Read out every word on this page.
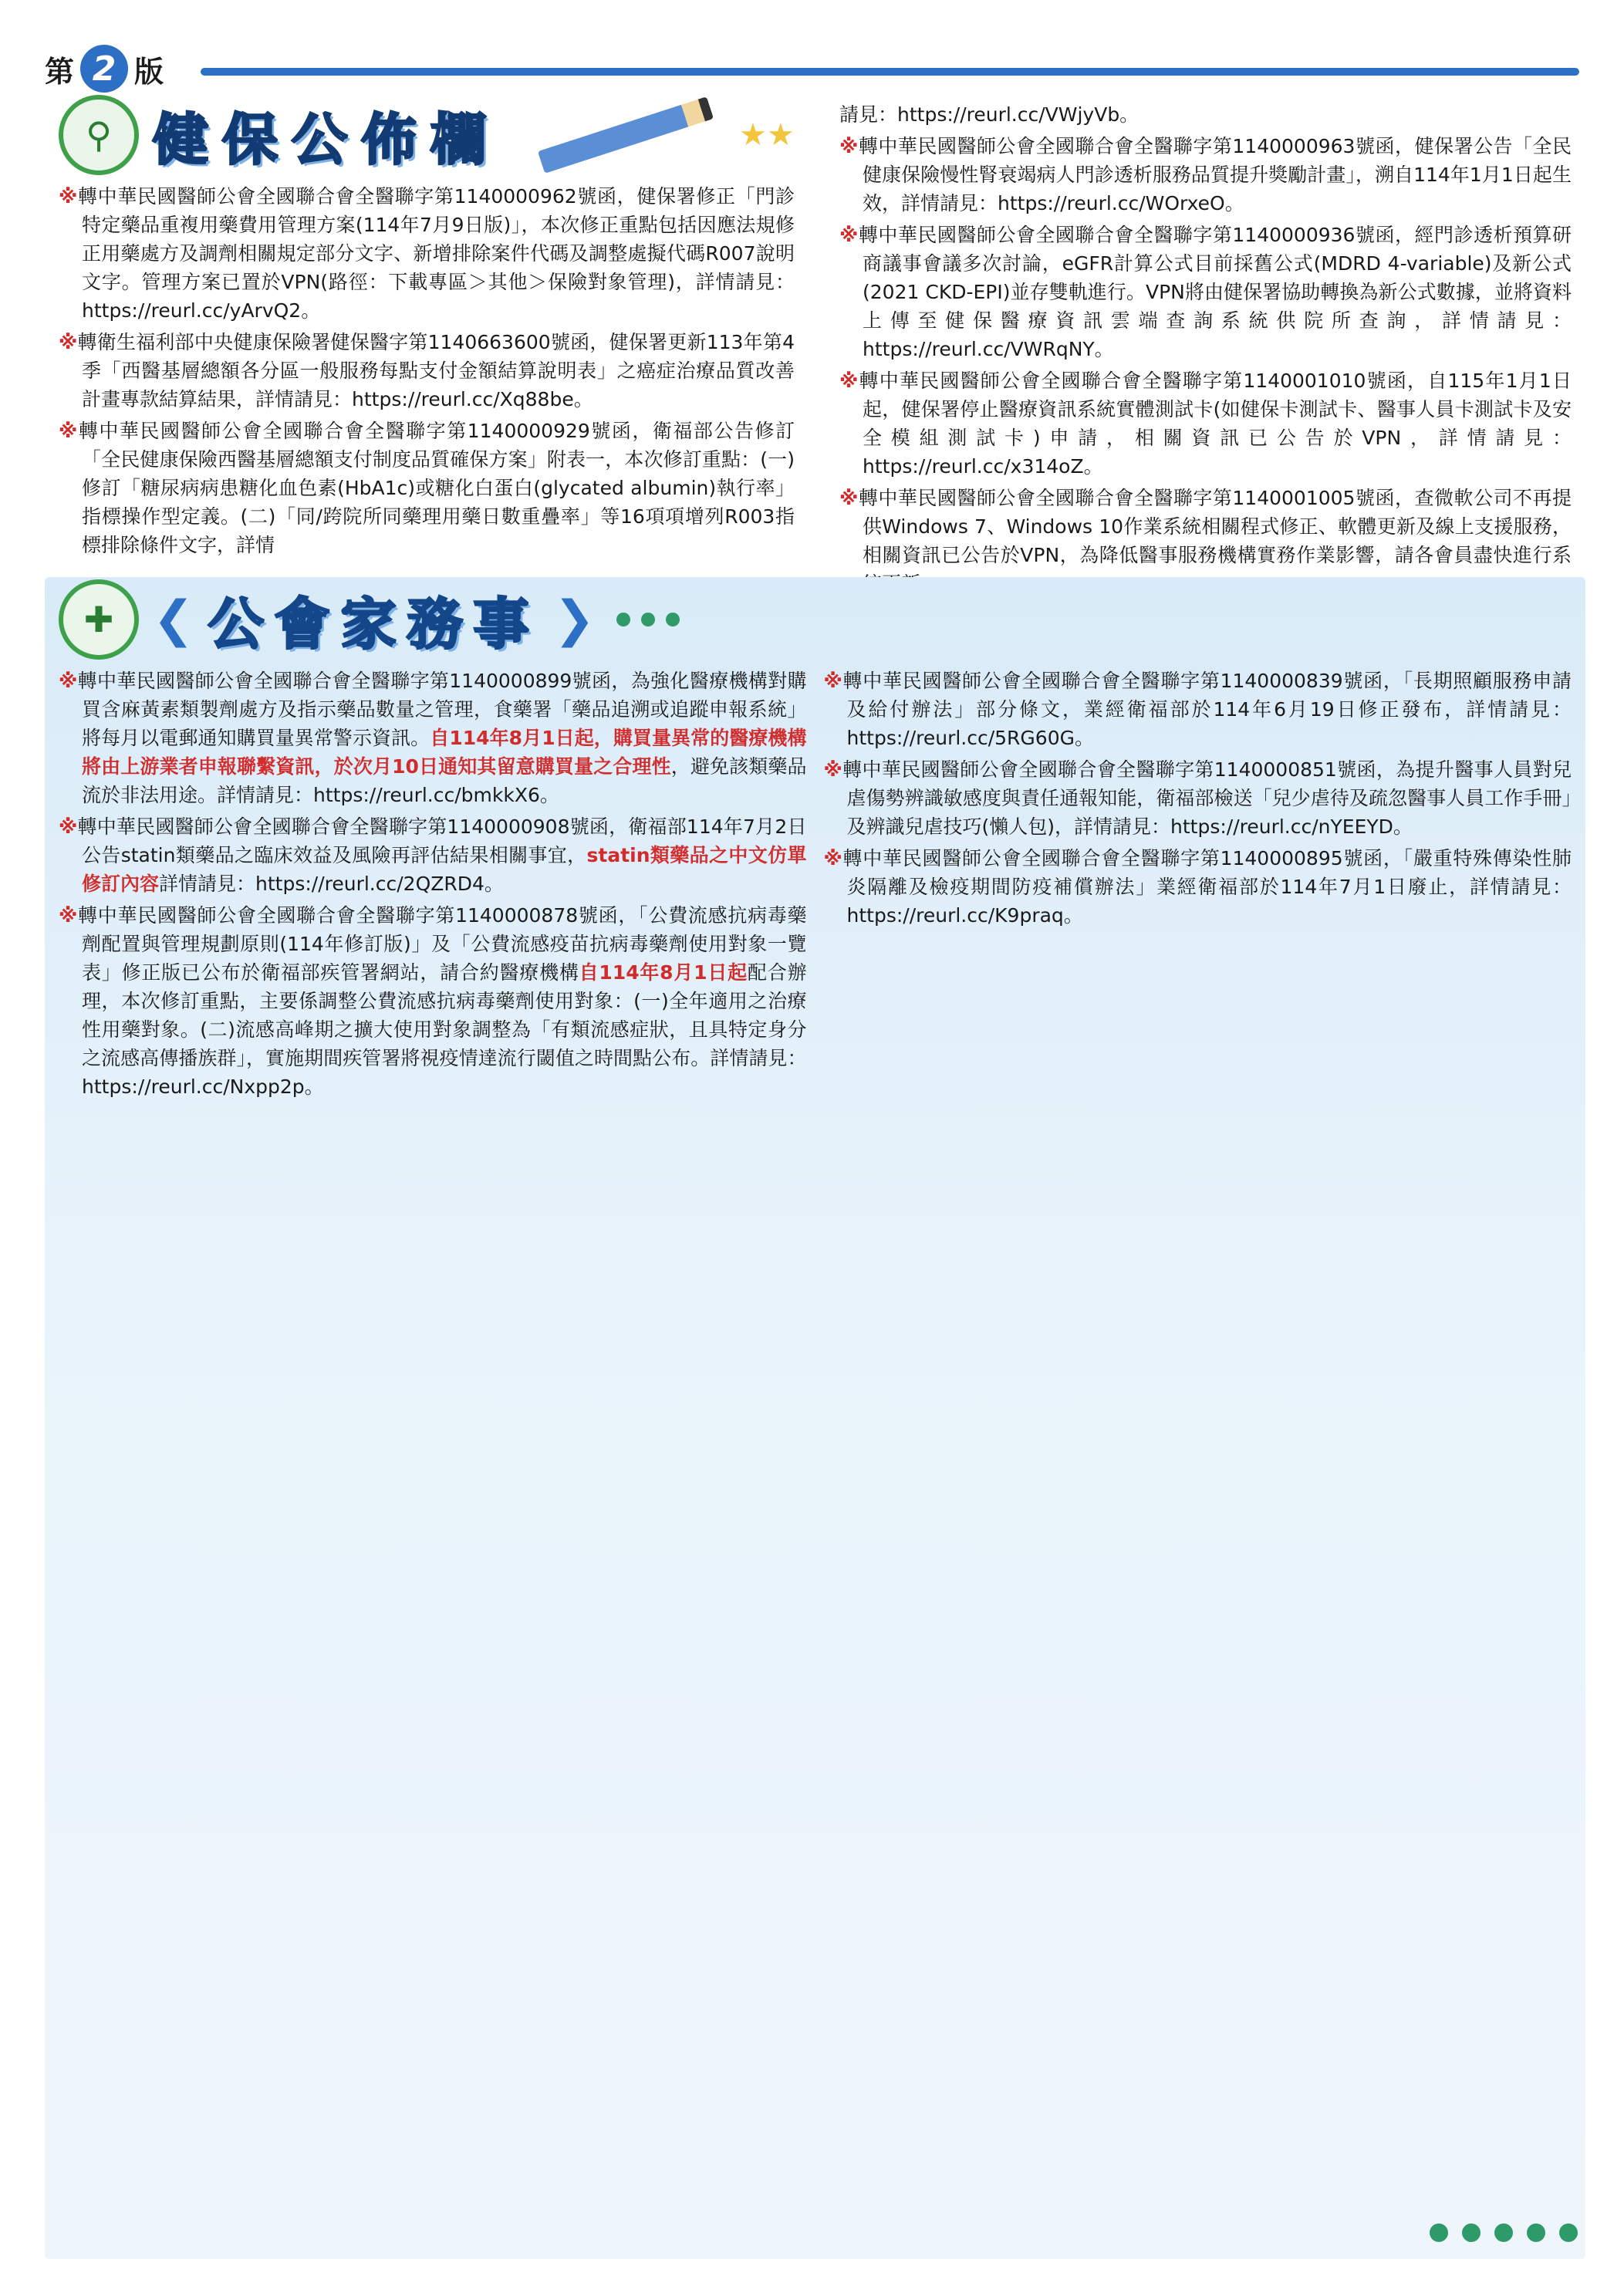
第 2 版
⚲ 健保公佈欄	★★

※轉中華民國醫師公會全國聯合會全醫聯字第1140000962號函，健保署修正「門診特定藥品重複用藥費用管理方案(114年7月9日版)」，本次修正重點包括因應法規修正用藥處方及調劑相關規定部分文字、新增排除案件代碼及調整處擬代碼R007說明文字。管理方案已置於VPN(路徑：下載專區＞其他＞保險對象管理)，詳情請見：https://reurl.cc/yArvQ2。

※轉衛生福利部中央健康保險署健保醫字第1140663600號函，健保署更新113年第4季「西醫基層總額各分區一般服務每點支付金額結算說明表」之癌症治療品質改善計畫專款結算結果，詳情請見：https://reurl.cc/Xq88be。

※轉中華民國醫師公會全國聯合會全醫聯字第1140000929號函，衛福部公告修訂「全民健康保險西醫基層總額支付制度品質確保方案」附表一，本次修訂重點：(一)修訂「糖尿病病患糖化血色素(HbA1c)或糖化白蛋白(glycated albumin)執行率」指標操作型定義。(二)「同/跨院所同藥理用藥日數重疊率」等16項項增列R003指標排除條件文字，詳情

請見：https://reurl.cc/VWjyVb。

※轉中華民國醫師公會全國聯合會全醫聯字第1140000963號函，健保署公告「全民健康保險慢性腎衰竭病人門診透析服務品質提升獎勵計畫」，溯自114年1月1日起生效，詳情請見：https://reurl.cc/WOrxeO。

※轉中華民國醫師公會全國聯合會全醫聯字第1140000936號函，經門診透析預算研商議事會議多次討論，eGFR計算公式目前採舊公式(MDRD 4-variable)及新公式(2021 CKD-EPI)並存雙軌進行。VPN將由健保署協助轉換為新公式數據，並將資料上傳至健保醫療資訊雲端查詢系統供院所查詢，詳情請見：https://reurl.cc/VWRqNY。

※轉中華民國醫師公會全國聯合會全醫聯字第1140001010號函，自115年1月1日起，健保署停止醫療資訊系統實體測試卡(如健保卡測試卡、醫事人員卡測試卡及安全模組測試卡)申請，相關資訊已公告於VPN，詳情請見：https://reurl.cc/x314oZ。

※轉中華民國醫師公會全國聯合會全醫聯字第1140001005號函，查微軟公司不再提供Windows 7、Windows 10作業系統相關程式修正、軟體更新及線上支援服務，相關資訊已公告於VPN，為降低醫事服務機構實務作業影響，請各會員盡快進行系

✚ ❮ 公會家務事 ❯

※轉中華民國醫師公會全國聯合會全醫聯字第1140000899號函，為強化醫療機構對購買含麻黃素類製劑處方及指示藥品數量之管理，食藥署「藥品追溯或追蹤申報系統」將每月以電郵通知購買量異常警示資訊。自114年8月1日起，購買量異常的醫療機構將由上游業者申報聯繫資訊，於次月10日通知其留意購買量之合理性，避免該類藥品流於非法用途。詳情請見：https://reurl.cc/bmkkX6。

※轉中華民國醫師公會全國聯合會全醫聯字第1140000908號函，衛福部114年7月2日公告statin類藥品之臨床效益及風險再評估結果相關事宜，statin類藥品之中文仿單修訂內容詳情請見：https://reurl.cc/2QZRD4。

※轉中華民國醫師公會全國聯合會全醫聯字第1140000878號函，「公費流感抗病毒藥劑配置與管理規劃原則(114年修訂版)」及「公費流感疫苗抗病毒藥劑使用對象一覽表」修正版已公布於衛福部疾管署網站，請合約醫療機構自114年8月1日起配合辦理，本次修訂重點，主要係調整公費流感抗病毒藥劑使用對象：(一)全年適用之治療性用藥對象。(二)流感高峰期之擴大使用對象調整為「有類流感症狀，且具特定身分之流感高傳播族群」，實施期間疾管署將視疫情達流行閾值之時間點公布。詳情請見：https://reurl.cc/Nxpp2p。

※轉中華民國醫師公會全國聯合會全醫聯字第1140000839號函，「長期照顧服務申請及給付辦法」部分條文，業經衛福部於114年6月19日修正發布，詳情請見：https://reurl.cc/5RG60G。

※轉中華民國醫師公會全國聯合會全醫聯字第1140000851號函，為提升醫事人員對兒虐傷勢辨識敏感度與責任通報知能，衛福部檢送「兒少虐待及疏忽醫事人員工作手冊」及辨識兒虐技巧(懶人包)，詳情請見：https://reurl.cc/nYEEYD。

※轉中華民國醫師公會全國聯合會全醫聯字第1140000895號函，「嚴重特殊傳染性肺炎隔離及檢疫期間防疫補償辦法」業經衛福部於114年7月1日廢止，詳情請見：https://reurl.cc/K9praq。
